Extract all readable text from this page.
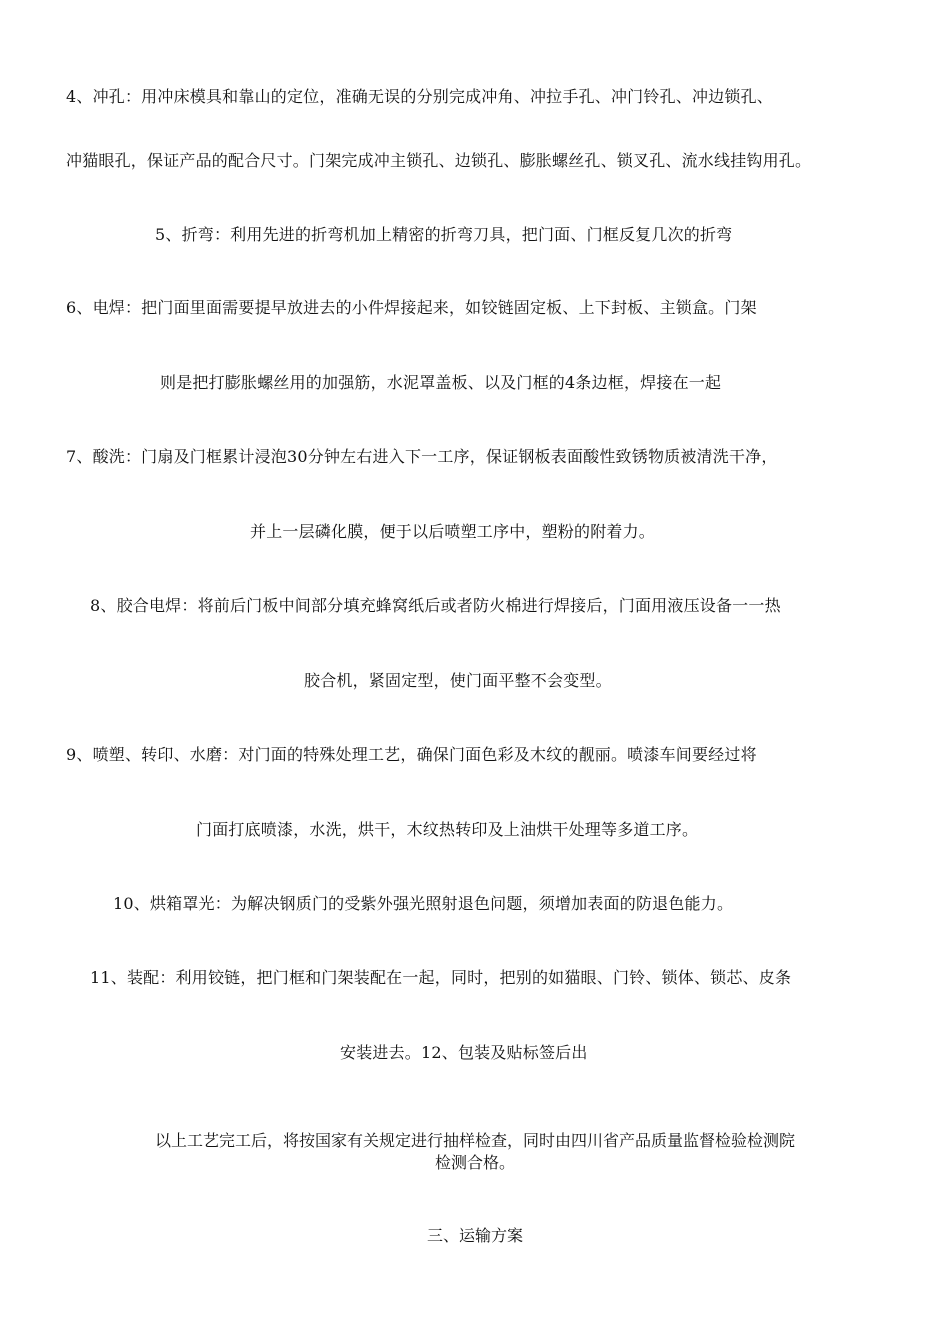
4、冲孔：用冲床模具和靠山的定位，准确无误的分别完成冲角、冲拉手孔、冲门铃孔、冲边锁孔、
冲猫眼孔，保证产品的配合尺寸。门架完成冲主锁孔、边锁孔、膨胀螺丝孔、锁叉孔、流水线挂钩用孔。
5、折弯：利用先进的折弯机加上精密的折弯刀具，把门面、门框反复几次的折弯
6、电焊：把门面里面需要提早放进去的小件焊接起来，如铰链固定板、上下封板、主锁盒。门架
则是把打膨胀螺丝用的加强筋，水泥罩盖板、以及门框的4条边框，焊接在一起
7、酸洗：门扇及门框累计浸泡30分钟左右进入下一工序，保证钢板表面酸性致锈物质被清洗干净，
并上一层磷化膜，便于以后喷塑工序中，塑粉的附着力。
8、胶合电焊：将前后门板中间部分填充蜂窝纸后或者防火棉进行焊接后，门面用液压设备一一热
胶合机，紧固定型，使门面平整不会变型。
9、喷塑、转印、水磨：对门面的特殊处理工艺，确保门面色彩及木纹的靓丽。喷漆车间要经过将
门面打底喷漆，水洗，烘干，木纹热转印及上油烘干处理等多道工序。
10、烘箱罩光：为解决钢质门的受紫外强光照射退色问题，须增加表面的防退色能力。
11、装配：利用铰链，把门框和门架装配在一起，同时，把别的如猫眼、门铃、锁体、锁芯、皮条
安装进去。12、包装及贴标签后出
以上工艺完工后，将按国家有关规定进行抽样检查，同时由四川省产品质量监督检验检测院
检测合格。
三、运输方案
